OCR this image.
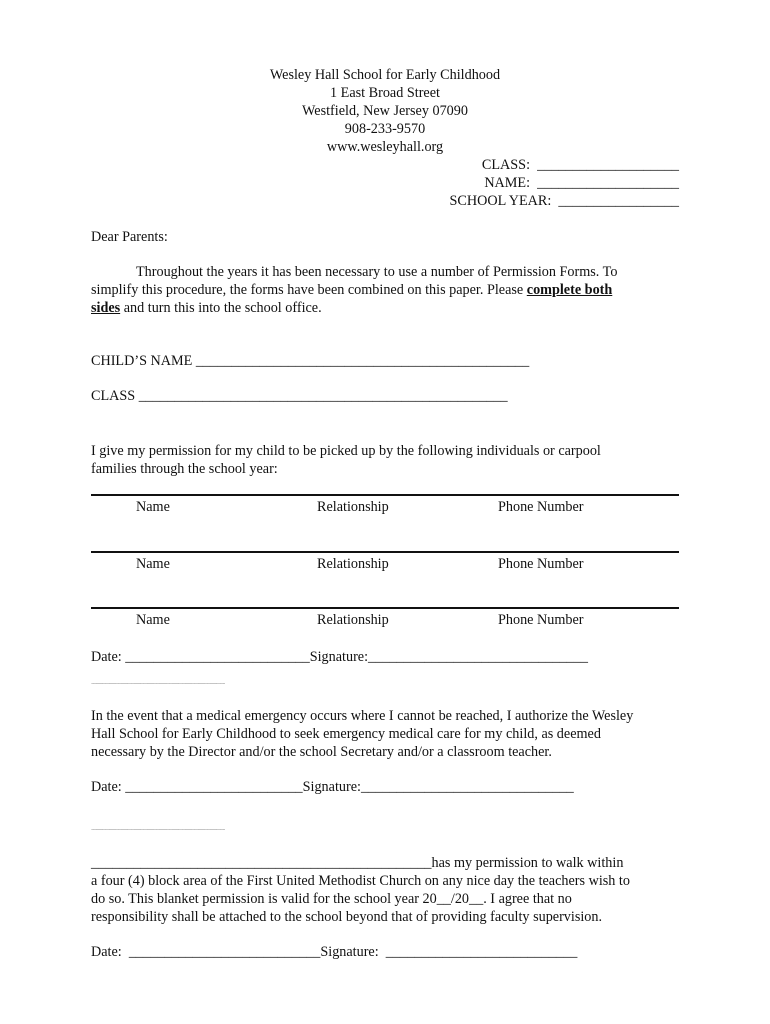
Wesley Hall School for Early Childhood
1 East Broad Street
Westfield, New Jersey 07090
908-233-9570
www.wesleyhall.org
CLASS:  ____________________
NAME:  ____________________
SCHOOL YEAR:  _________________
Dear Parents:
Throughout the years it has been necessary to use a number of Permission Forms. To
simplify this procedure, the forms have been combined on this paper. Please complete both
sides and turn this into the school office.
CHILD’S NAME _______________________________________________
CLASS ____________________________________________________
I give my permission for my child to be picked up by the following individuals or carpool
families through the school year:
Name	Relationship	Phone Number
Name	Relationship	Phone Number
Name	Relationship	Phone Number
Date: __________________________Signature:_______________________________
''''''''''''''''''''''''''''''''''''''''''''''''''''''''''''''''''''''''''''''''''''''''''''''''''''''''''''''''''''''''''''''''''''''''''''''''''''''''''''''''''''''''''''''''''''''''''''''''''''''''''''''''''''''''''''''''''''''''''''''''''''''''''''''''''''''''''''''''''''''
In the event that a medical emergency occurs where I cannot be reached, I authorize the Wesley
Hall School for Early Childhood to seek emergency medical care for my child, as deemed
necessary by the Director and/or the school Secretary and/or a classroom teacher.
Date: _________________________Signature:______________________________
''''''''''''''''''''''''''''''''''''''''''''''''''''''''''''''''''''''''''''''''''''''''''''''''''''''''''''''''''''''''''''''''''''''''''''''''''''''''''''''''''''''''''''''''''''''''''''''''''''''''''''''''''''''''''''''''''''''''''''''''''''''''''''''''''''''''''''''''''''''
________________________________________________has my permission to walk within
a four (4) block area of the First United Methodist Church on any nice day the teachers wish to
do so. This blanket permission is valid for the school year 20__/20__. I agree that no
responsibility shall be attached to the school beyond that of providing faculty supervision.
Date:  ___________________________Signature:  ___________________________
